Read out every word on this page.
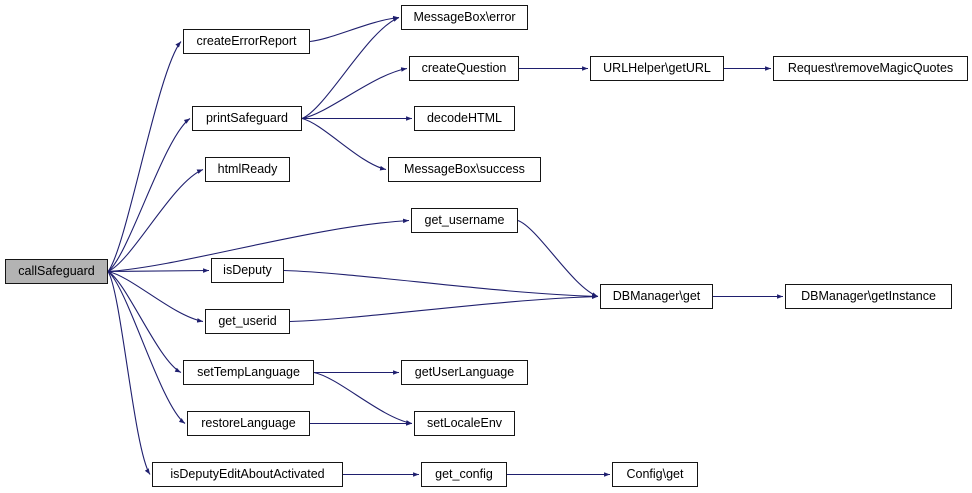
callSafeguard
createErrorReport
printSafeguard
htmlReady
isDeputy
get_userid
setTempLanguage
restoreLanguage
isDeputyEditAboutActivated
MessageBox\error
createQuestion
decodeHTML
MessageBox\success
get_username
getUserLanguage
setLocaleEnv
get_config
URLHelper\getURL
DBManager\get
Config\get
Request\removeMagicQuotes
DBManager\getInstance
